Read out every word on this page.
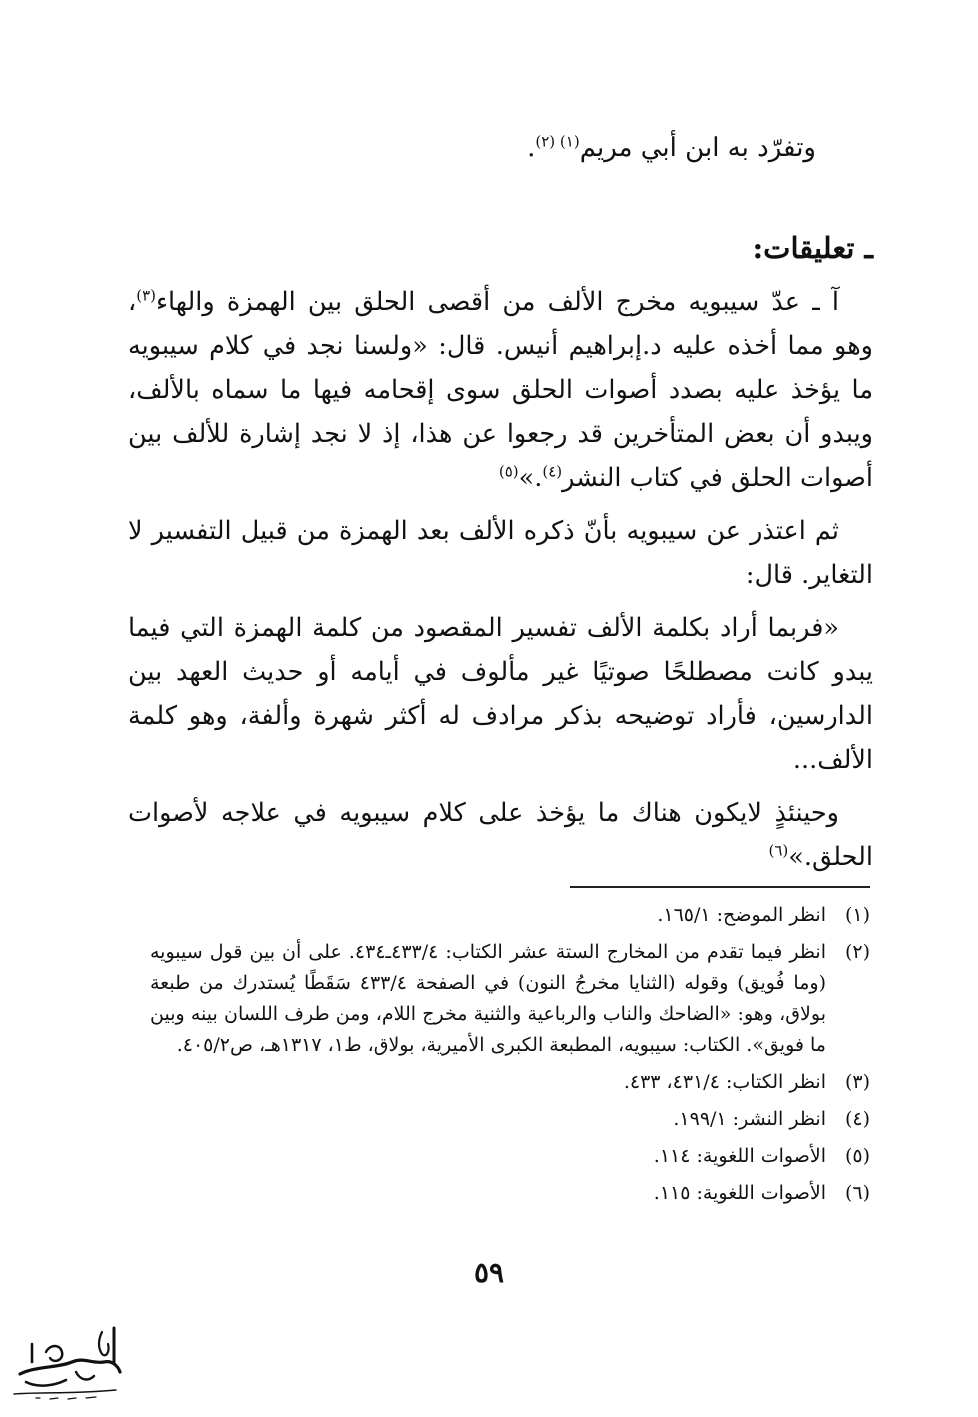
وتفرّد به ابن أبي مريم$^{(١) (٢)}$.
ـ تعليقات:

آ ـ عدّ سيبويه مخرج الألف من أقصى الحلق بين الهمزة والهاء$^{(٣)}$، وهو مما أخذه عليه د.إبراهيم أنيس. قال: «ولسنا نجد في كلام سيبويه ما يؤخذ عليه بصدد أصوات الحلق سوى إقحامه فيها ما سماه بالألف، ويبدو أن بعض المتأخرين قد رجعوا عن هذا، إذ لا نجد إشارة للألف بين أصوات الحلق في كتاب النشر$^{(٤)}$.»$^{(٥)}$

ثم اعتذر عن سيبويه بأنّ ذكره الألف بعد الهمزة من قبيل التفسير لا التغاير. قال:

«فربما أراد بكلمة الألف تفسير المقصود من كلمة الهمزة التي فيما يبدو كانت مصطلحًا صوتيًا غير مألوف في أيامه أو حديث العهد بين الدارسين، فأراد توضيحه بذكر مرادف له أكثر شهرة وألفة، وهو كلمة الألف...

وحينئذٍ لايكون هناك ما يؤخذ على كلام سيبويه في علاجه لأصوات الحلق.»$^{(٦)}$

(١)
انظر الموضح: ١٦٥/١.
(٢)
انظر فيما تقدم من المخارج الستة عشر الكتاب: ٤٣٣/٤ـ٤٣٤. على أن بين قول سيبويه (وما فُويق) وقوله (الثنايا مخرجُ النون) في الصفحة ٤٣٣/٤ سَقَطًا يُستدرك من طبعة بولاق، وهو: «الضاحك والناب والرباعية والثنية مخرج اللام، ومن طرف اللسان بينه وبين ما فويق». الكتاب: سيبويه، المطبعة الكبرى الأميرية، بولاق، ط١، ١٣١٧هـ، ص٤٠٥/٢.
(٣)
انظر الكتاب: ٤٣١/٤، ٤٣٣.
(٤)
انظر النشر: ١٩٩/١.
(٥)
الأصوات اللغوية: ١١٤.
(٦)
الأصوات اللغوية: ١١٥.
٥٩
